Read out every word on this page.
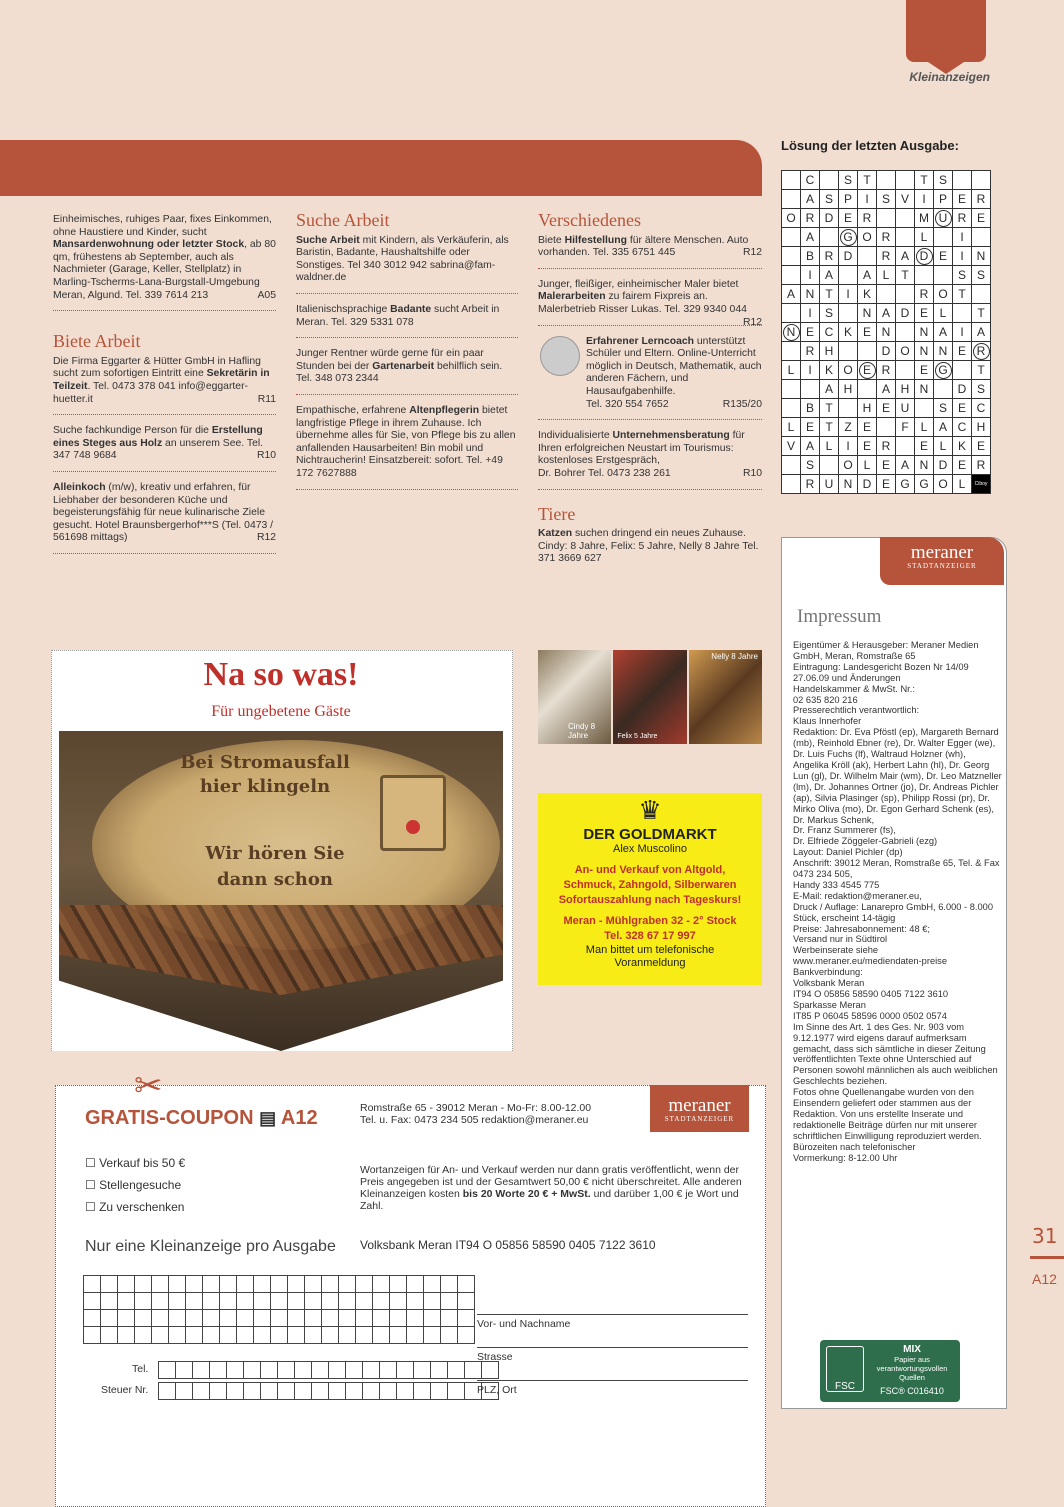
Kleinanzeigen
Lösung der letzten Ausgabe:
	C		S	T			T	S		
	A	S	P	I	S	V	I	P	E	R
O	R	D	E	R			M	U	R	E
	A		G	O	R		L		I	
	B	R	D		R	A	D	E	I	N
	I	A		A	L	T			S	S
A	N	T	I	K			R	O	T	
	I	S		N	A	D	E	L		T
N	E	C	K	E	N		N	A	I	A
	R	H			D	O	N	N	E	R
L	I	K	O	E	R		E	G		T
		A	H		A	H	N		D	S
	B	T		H	E	U		S	E	C
L	E	T	Z	E		F	L	A	C	H
V	A	L	I	E	R		E	L	K	E
	S		O	L	E	A	N	D	E	R
	R	U	N	D	E	G	G	O	L	Ciboy
Einheimisches, ruhiges Paar, fixes Einkommen, ohne Haustiere und Kinder, sucht Mansardenwohnung oder letzter Stock, ab 80 qm, frühestens ab September, auch als Nachmieter (Garage, Keller, Stellplatz) in Marling-Tscherms-Lana-Burgstall-Umgebung Meran, Algund. Tel. 339 7614 213	A05
Biete Arbeit
Die Firma Eggarter & Hütter GmbH in Hafling sucht zum sofortigen Eintritt eine Sekretärin in Teilzeit. Tel. 0473 378 041 info@eggarter-huetter.it	R11
Suche fachkundige Person für die Erstellung eines Steges aus Holz an unserem See. Tel. 347 748 9684	R10
Alleinkoch (m/w), kreativ und erfahren, für Liebhaber der besonderen Küche und begeisterungsfähig für neue kulinarische Ziele gesucht. Hotel Braunsbergerhof***S (Tel. 0473 / 561698 mittags)	R12
Suche Arbeit
Suche Arbeit mit Kindern, als Verkäuferin, als Baristin, Badante, Haushaltshilfe oder Sonstiges. Tel 340 3012 942 sabrina@fam-waldner.de
Italienischsprachige Badante sucht Arbeit in Meran. Tel. 329 5331 078
Junger Rentner würde gerne für ein paar Stunden bei der Gartenarbeit behilflich sein. Tel. 348 073 2344
Empathische, erfahrene Altenpflegerin bietet langfristige Pflege in ihrem Zuhause. Ich übernehme alles für Sie, von Pflege bis zu allen anfallenden Hausarbeiten! Bin mobil und Nichtraucherin! Einsatzbereit: sofort. Tel. +49 172 7627888
Verschiedenes
Biete Hilfestellung für ältere Menschen. Auto vorhanden. Tel. 335 6751 445	R12
Junger, fleißiger, einheimischer Maler bietet Malerarbeiten zu fairem Fixpreis an. Malerbetrieb Risser Lukas. Tel. 329 9340 044
R12
Erfahrener Lerncoach unterstützt Schüler und Eltern. Online-Unterricht möglich in Deutsch, Mathematik, auch anderen Fächern, und Hausaufgabenhilfe.
Tel. 320 554 7652	R135/20
Individualisierte Unternehmensberatung für Ihren erfolgreichen Neustart im Tourismus: kostenloses Erstgespräch,
Dr. Bohrer Tel. 0473 238 261	R10
Tiere
Katzen suchen dringend ein neues Zuhause. Cindy: 8 Jahre, Felix: 5 Jahre, Nelly 8 Jahre Tel. 371 3669 627
Cindy 8 Jahre	Felix 5 Jahre
Nelly 8 Jahre
Na so was!
Für ungebetene Gäste
Bei Stromausfall
hier klingeln
Wir hören Sie
dann schon
♛
DER GOLDMARKT
Alex Muscolino
An- und Verkauf von Altgold,
Schmuck, Zahngold, Silberwaren
Sofortauszahlung nach Tageskurs!
Meran - Mühlgraben 32 - 2° Stock
Tel. 328 67 17 997
Man bittet um telefonische
Voranmeldung
meraner
STADTANZEIGER
Impressum
Eigentümer & Herausgeber: Meraner Medien GmbH, Meran, Romstraße 65
Eintragung: Landesgericht Bozen Nr 14/09 27.06.09 und Änderungen
Handelskammer & MwSt. Nr.:
02 635 820 216
Presserechtlich verantwortlich:
Klaus Innerhofer
Redaktion: Dr. Eva Pföstl (ep), Margareth Bernard (mb), Reinhold Ebner (re), Dr. Walter Egger (we), Dr. Luis Fuchs (lf), Waltraud Holzner (wh), Angelika Kröll (ak), Herbert Lahn (hl), Dr. Georg Lun (gl), Dr. Wilhelm Mair (wm), Dr. Leo Matzneller (lm), Dr. Johannes Ortner (jo), Dr. Andreas Pichler (ap), Silvia Plasinger (sp), Philipp Rossi (pr), Dr. Mirko Oliva (mo), Dr. Egon Gerhard Schenk (es), Dr. Markus Schenk,
Dr. Franz Summerer (fs),
Dr. Elfriede Zöggeler-Gabrieli (ezg)
Layout: Daniel Pichler (dp)
Anschrift: 39012 Meran, Romstraße 65, Tel. & Fax 0473 234 505,
Handy 333 4545 775
E-Mail: redaktion@meraner.eu,
Druck / Auflage: Lanarepro GmbH, 6.000 - 8.000 Stück, erscheint 14-tägig
Preise: Jahresabonnement: 48 €;
Versand nur in Südtirol
Werbeinserate siehe
www.meraner.eu/mediendaten-preise
Bankverbindung:
Volksbank Meran
IT94 O 05856 58590 0405 7122 3610
Sparkasse Meran
IT85 P 06045 58596 0000 0502 0574
Im Sinne des Art. 1 des Ges. Nr. 903 vom 9.12.1977 wird eigens darauf aufmerksam gemacht, dass sich sämtliche in dieser Zeitung veröffentlichten Texte ohne Unterschied auf Personen sowohl männlichen als auch weiblichen Geschlechts beziehen.
Fotos ohne Quellenangabe wurden von den Einsendern geliefert oder stammen aus der Redaktion. Von uns erstellte Inserate und redaktionelle Beiträge dürfen nur mit unserer schriftlichen Einwilligung reproduziert werden.
Bürozeiten nach telefonischer
Vormerkung: 8-12.00 Uhr
FSC
MIX
Papier aus verantwortungsvollen Quellen
FSC® C016410
31
A12
✂
GRATIS-COUPON ▤ A12	Romstraße 65 - 39012 Meran - Mo-Fr: 8.00-12.00
Tel. u. Fax: 0473 234 505 redaktion@meraner.eu
meraner
STADTANZEIGER
☐ Verkauf bis 50 €
☐ Stellengesuche
☐ Zu verschenken
Wortanzeigen für An- und Verkauf werden nur dann gratis veröffentlicht, wenn der Preis angegeben ist und der Gesamtwert 50,00 € nicht überschreitet. Alle anderen Kleinanzeigen kosten bis 20 Worte 20 € + MwSt. und darüber 1,00 € je Wort und Zahl.
Nur eine Kleinanzeige pro Ausgabe Volksbank Meran IT94 O 05856 58590 0405 7122 3610

Tel.

Steuer Nr.

Vor- und Nachname
Strasse
PLZ, Ort
